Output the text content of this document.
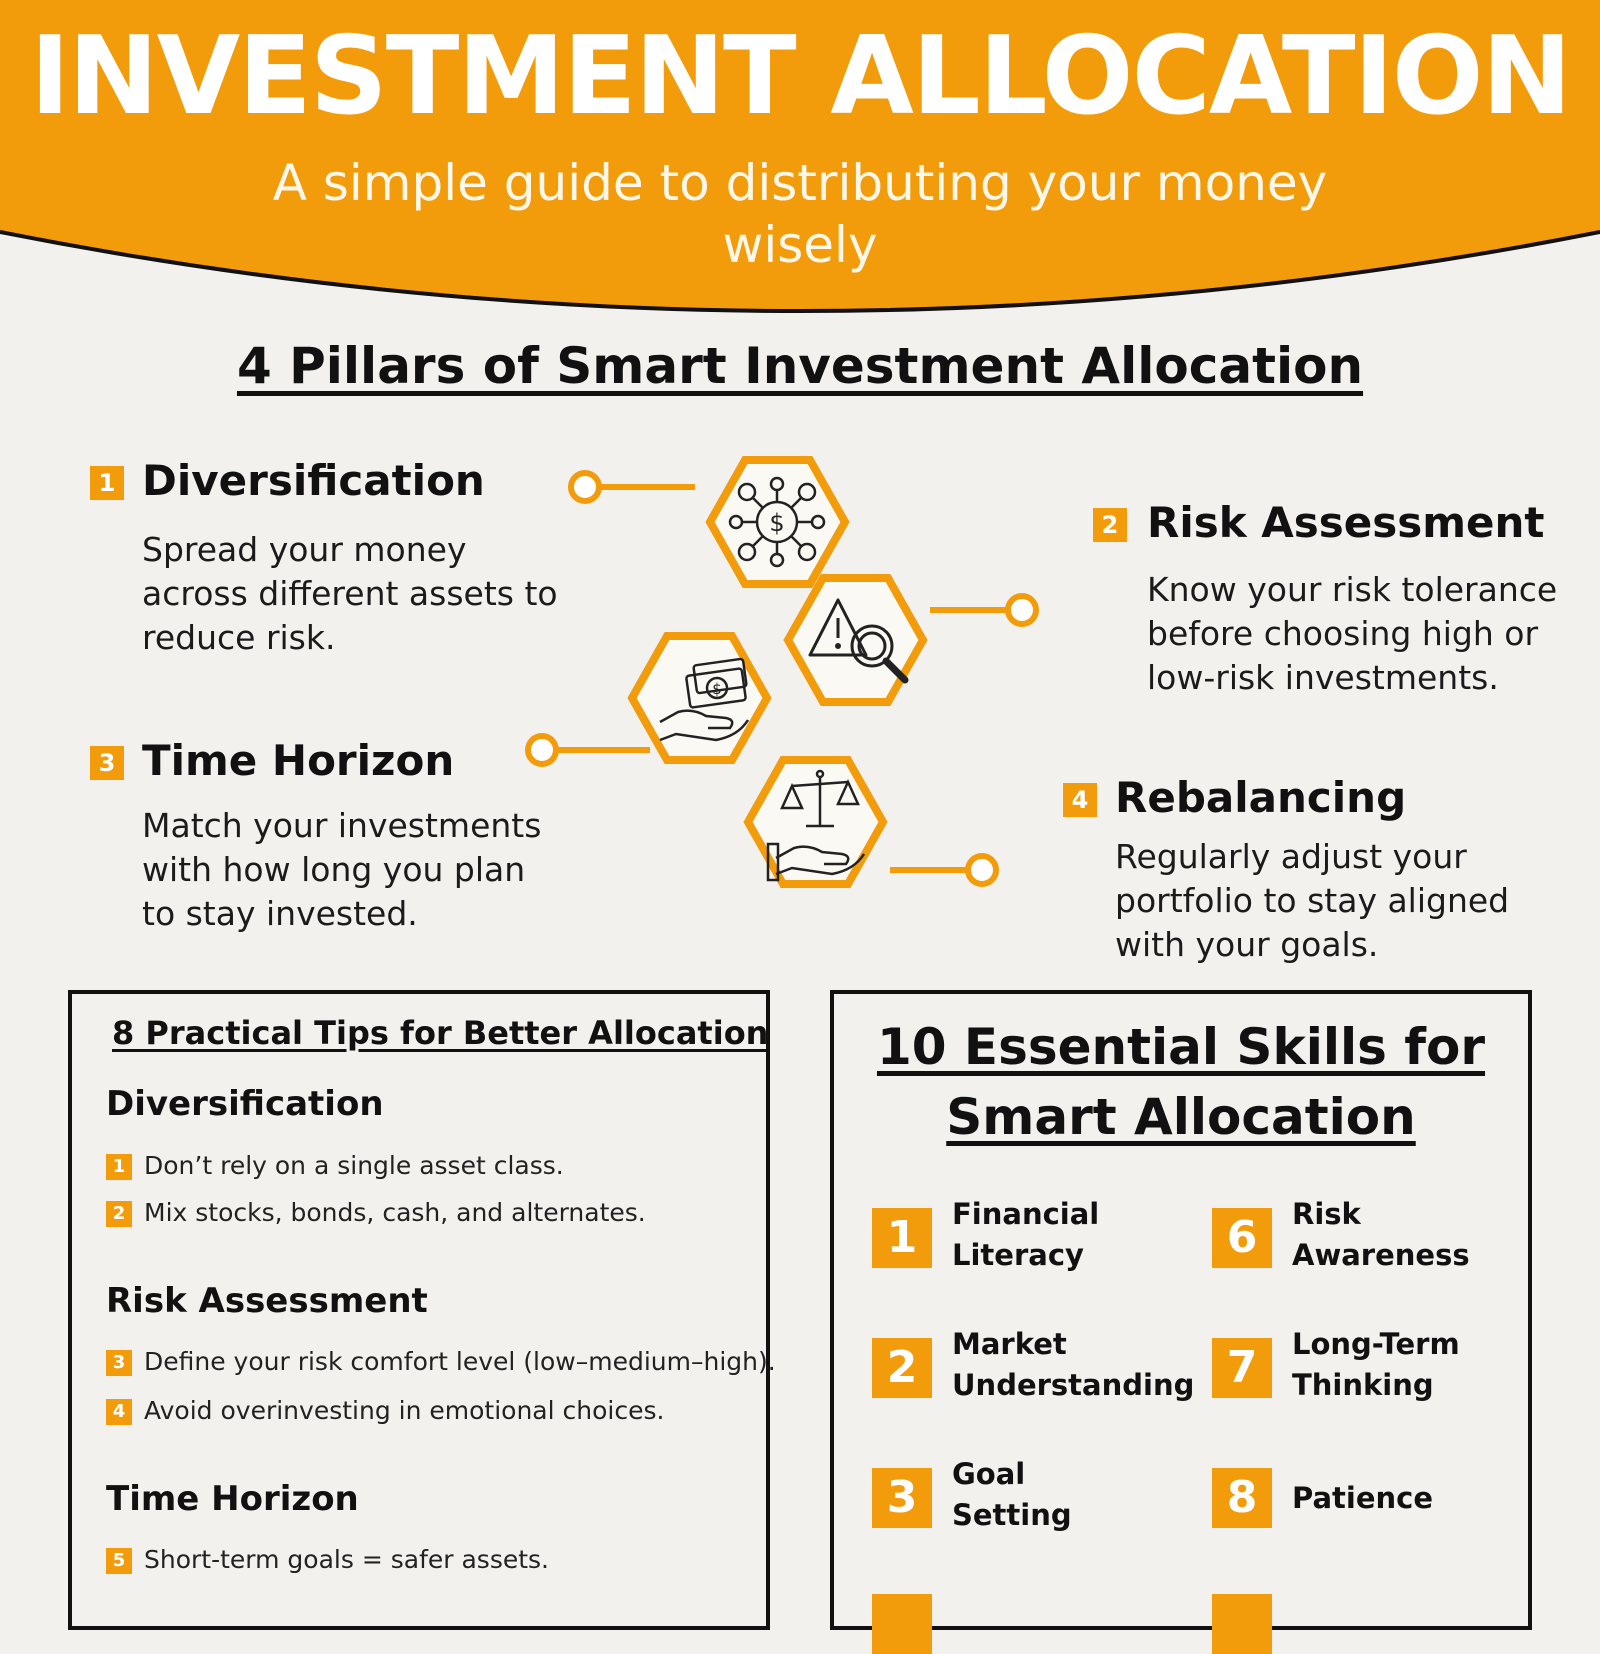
INVESTMENT ALLOCATION
A simple guide to distributing your money wisely
4 Pillars of Smart Investment Allocation
1 Diversification
Spread your money across different assets to reduce risk.
2 Risk Assessment
Know your risk tolerance before choosing high or low-risk investments.
3 Time Horizon
Match your investments with how long you plan to stay invested.
4 Rebalancing
Regularly adjust your portfolio to stay aligned with your goals.
$
$
8 Practical Tips for Better Allocation
Diversification
1 Don’t rely on a single asset class.
2 Mix stocks, bonds, cash, and alternates.
Risk Assessment
3 Define your risk comfort level (low–medium–high).
4 Avoid overinvesting in emotional choices.
Time Horizon
5 Short-term goals = safer assets.
10 Essential Skills for
Smart Allocation
1	Financial
Literacy
2	Market
Understanding
3	Goal
Setting
6	Risk
Awareness
7	Long-Term
Thinking
8	Patience
